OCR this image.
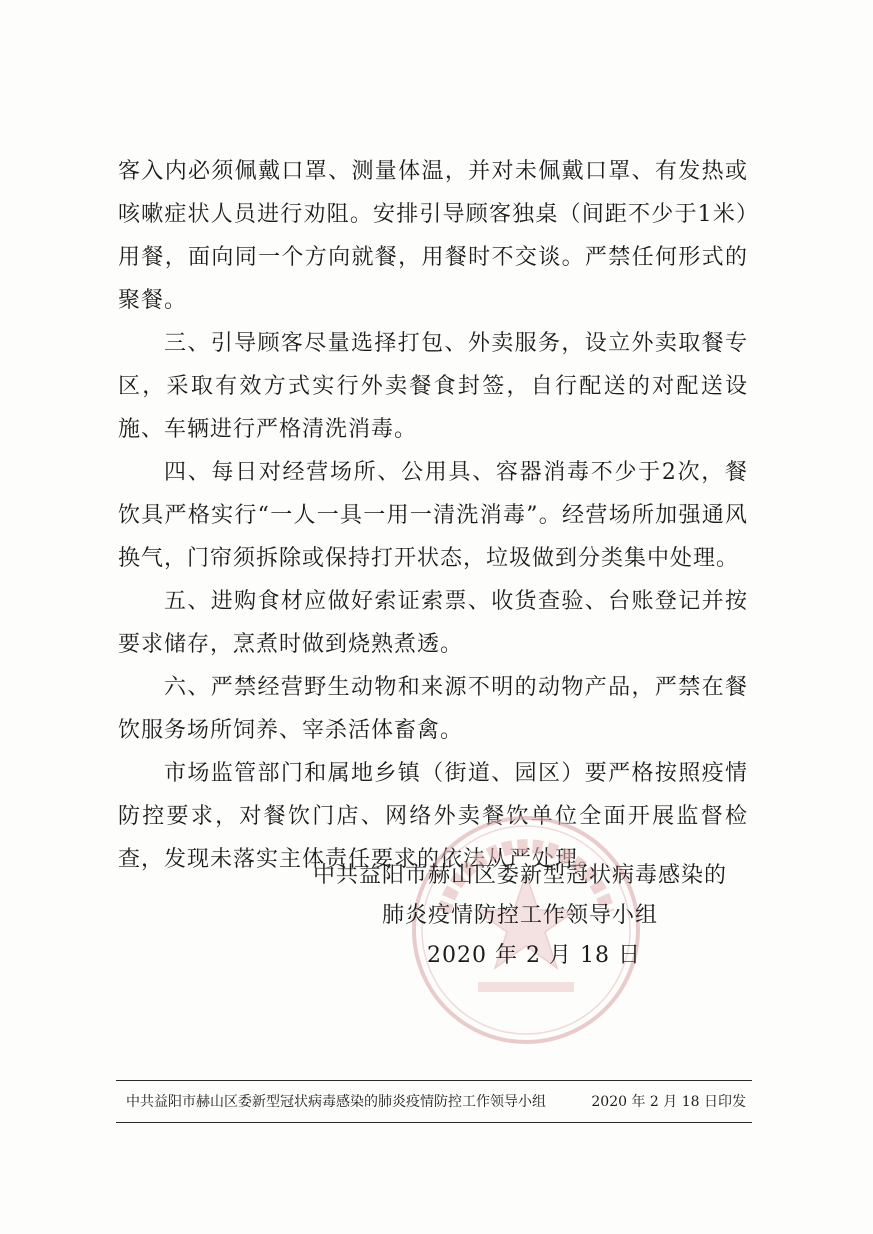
客入内必须佩戴口罩、测量体温，并对未佩戴口罩、有发热或咳嗽症状人员进行劝阻。安排引导顾客独桌（间距不少于1米）用餐，面向同一个方向就餐，用餐时不交谈。严禁任何形式的聚餐。

三、引导顾客尽量选择打包、外卖服务，设立外卖取餐专区，采取有效方式实行外卖餐食封签，自行配送的对配送设施、车辆进行严格清洗消毒。

四、每日对经营场所、公用具、容器消毒不少于2次，餐饮具严格实行“一人一具一用一清洗消毒”。经营场所加强通风换气，门帘须拆除或保持打开状态，垃圾做到分类集中处理。

五、进购食材应做好索证索票、收货查验、台账登记并按要求储存，烹煮时做到烧熟煮透。

六、严禁经营野生动物和来源不明的动物产品，严禁在餐饮服务场所饲养、宰杀活体畜禽。

市场监管部门和属地乡镇（街道、园区）要严格按照疫情防控要求，对餐饮门店、网络外卖餐饮单位全面开展监督检查，发现未落实主体责任要求的依法从严处理。

中共益阳市赫山区委新型冠状病毒感染的
肺炎疫情防控工作领导小组
2020 年 2 月 18 日
中共益阳市赫山区委新型冠状病毒感染的肺炎疫情防控工作领导小组	2020 年 2 月 18 日印发
